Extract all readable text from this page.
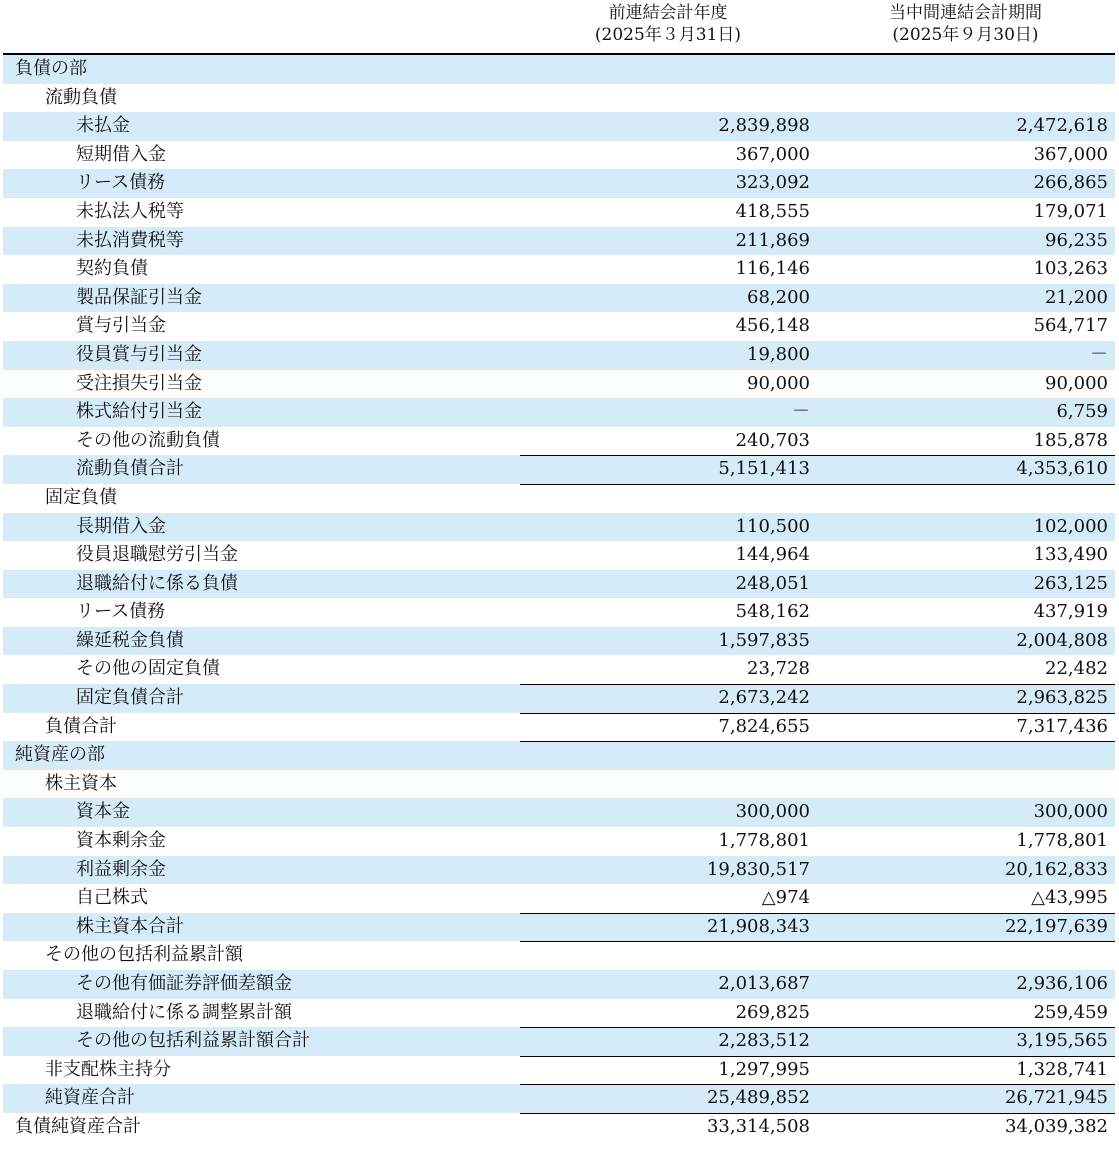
前連結会計年度
(2025年３月31日)
当中間連結会計期間
(2025年９月30日)
負債の部
流動負債
未払金	2,839,898	2,472,618
短期借入金	367,000	367,000
リース債務	323,092	266,865
未払法人税等	418,555	179,071
未払消費税等	211,869	96,235
契約負債	116,146	103,263
製品保証引当金	68,200	21,200
賞与引当金	456,148	564,717
役員賞与引当金	19,800	－
受注損失引当金	90,000	90,000
株式給付引当金	－	6,759
その他の流動負債	240,703	185,878
流動負債合計	5,151,413	4,353,610
固定負債
長期借入金	110,500	102,000
役員退職慰労引当金	144,964	133,490
退職給付に係る負債	248,051	263,125
リース債務	548,162	437,919
繰延税金負債	1,597,835	2,004,808
その他の固定負債	23,728	22,482
固定負債合計	2,673,242	2,963,825
負債合計	7,824,655	7,317,436
純資産の部
株主資本
資本金	300,000	300,000
資本剰余金	1,778,801	1,778,801
利益剰余金	19,830,517	20,162,833
自己株式	△974	△43,995
株主資本合計	21,908,343	22,197,639
その他の包括利益累計額
その他有価証券評価差額金	2,013,687	2,936,106
退職給付に係る調整累計額	269,825	259,459
その他の包括利益累計額合計	2,283,512	3,195,565
非支配株主持分	1,297,995	1,328,741
純資産合計	25,489,852	26,721,945
負債純資産合計	33,314,508	34,039,382
